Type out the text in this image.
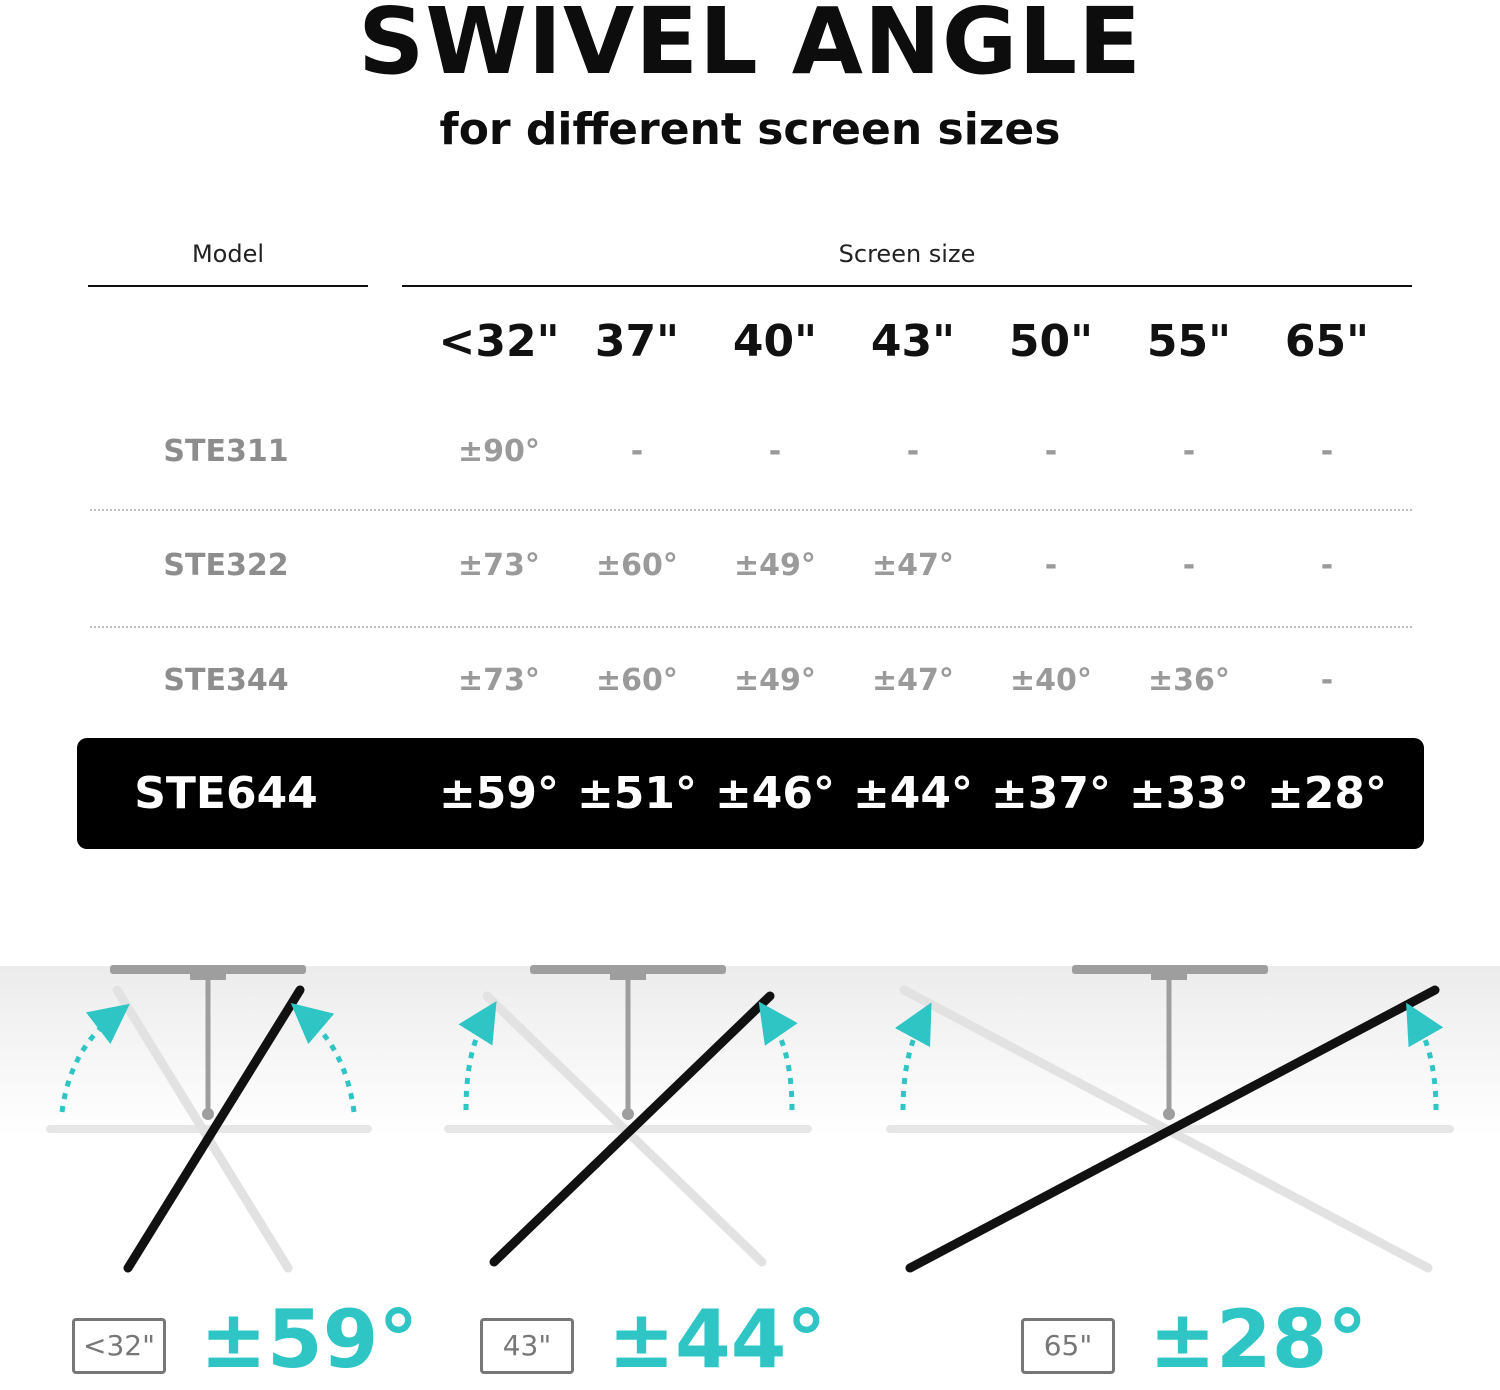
SWIVEL ANGLE
for different screen sizes
Model	Screen size
<32" 37"	40"	43"	50"	55"	65"
STE311	±90°	-	-	-	-	-	-
STE322	±73°	±60°	±49°	±47°	-	-	-
STE344	±73°	±60°	±49°	±47°	±40°	±36°	-
STE644	±59° ±51° ±46° ±44° ±37° ±33° ±28°
<32" ±59°	43" ±44°	65" ±28°
